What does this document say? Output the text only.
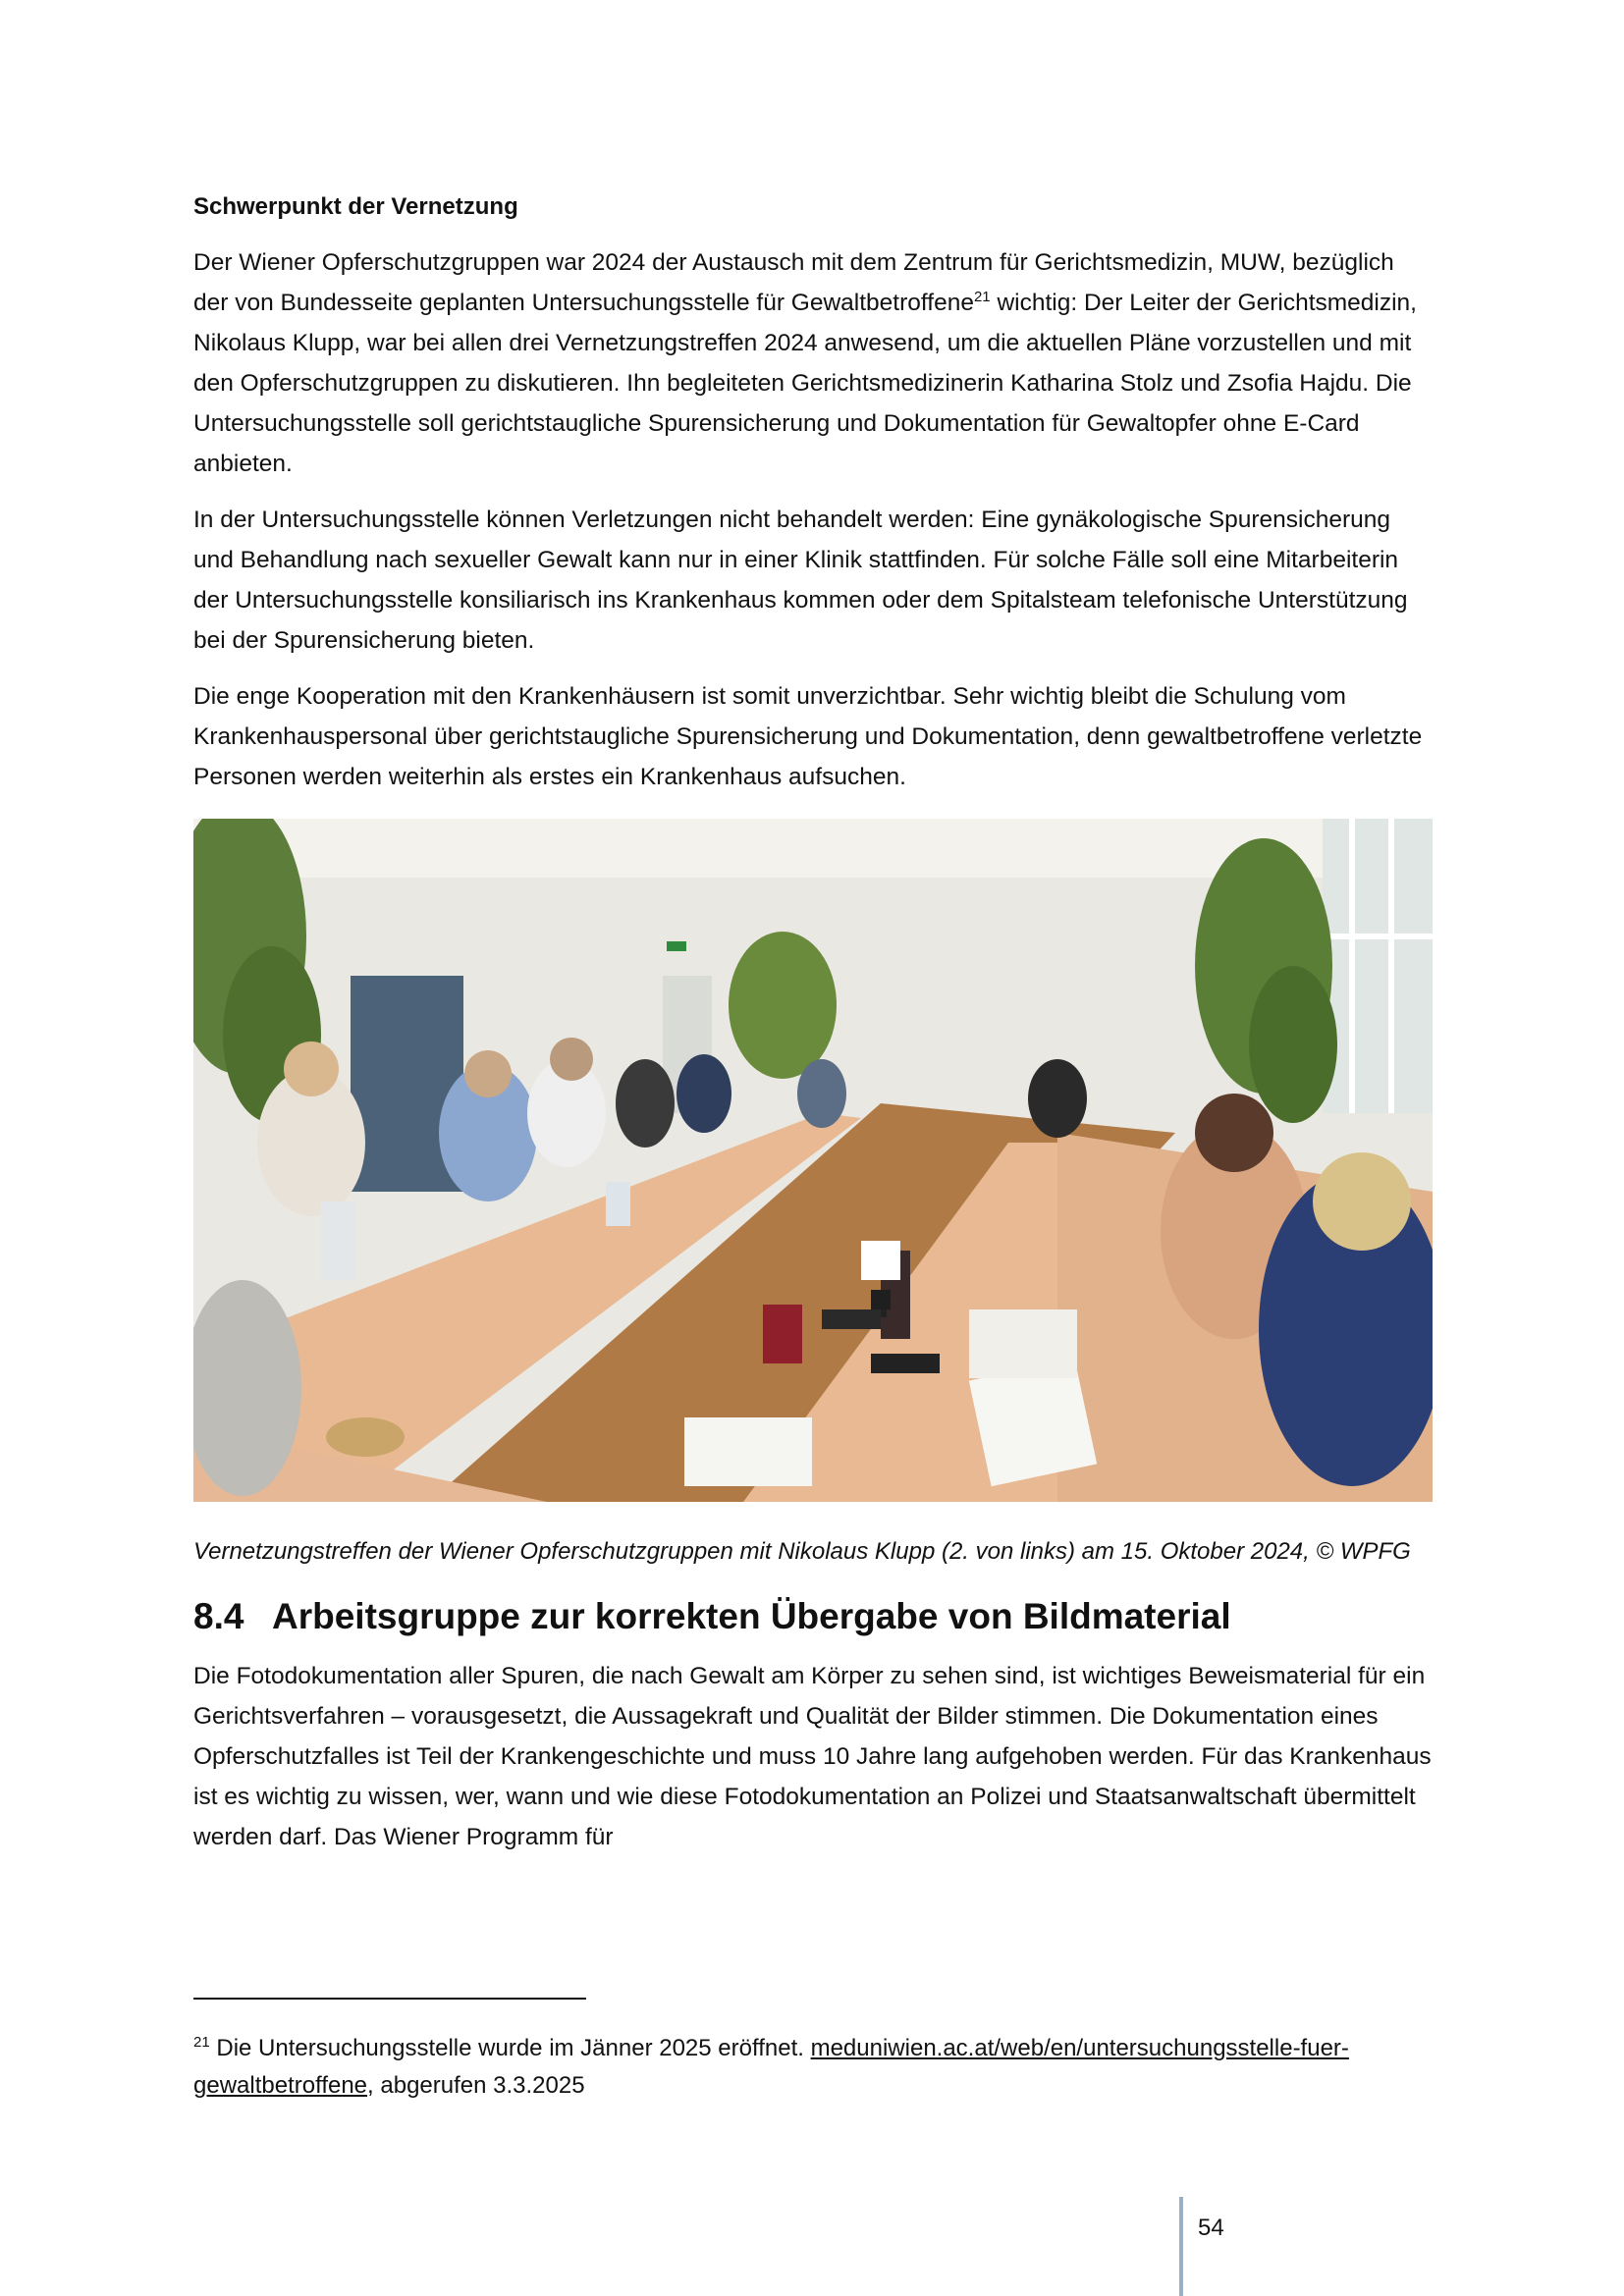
Schwerpunkt der Vernetzung

Der Wiener Opferschutzgruppen war 2024 der Austausch mit dem Zentrum für Gerichtsmedizin, MUW, bezüglich der von Bundesseite geplanten Untersuchungsstelle für Gewaltbetroffene$^{21}$ wichtig: Der Leiter der Gerichtsmedizin, Nikolaus Klupp, war bei allen drei Vernetzungstreffen 2024 anwesend, um die aktuellen Pläne vorzustellen und mit den Opferschutzgruppen zu diskutieren. Ihn begleiteten Gerichtsmedizinerin Katharina Stolz und Zsofia Hajdu. Die Untersuchungsstelle soll gerichtstaugliche Spurensicherung und Dokumentation für Gewaltopfer ohne E-Card anbieten.

In der Untersuchungsstelle können Verletzungen nicht behandelt werden: Eine gynäkologische Spurensicherung und Behandlung nach sexueller Gewalt kann nur in einer Klinik stattfinden. Für solche Fälle soll eine Mitarbeiterin der Untersuchungsstelle konsiliarisch ins Krankenhaus kommen oder dem Spitalsteam telefonische Unterstützung bei der Spurensicherung bieten.

Die enge Kooperation mit den Krankenhäusern ist somit unverzichtbar. Sehr wichtig bleibt die Schulung vom Krankenhauspersonal über gerichtstaugliche Spurensicherung und Dokumentation, denn gewaltbetroffene verletzte Personen werden weiterhin als erstes ein Krankenhaus aufsuchen.

Vernetzungstreffen der Wiener Opferschutzgruppen mit Nikolaus Klupp (2. von links) am 15. Oktober 2024, © WPFG

8.4 Arbeitsgruppe zur korrekten Übergabe von Bildmaterial

Die Fotodokumentation aller Spuren, die nach Gewalt am Körper zu sehen sind, ist wichtiges Beweismaterial für ein Gerichtsverfahren – vorausgesetzt, die Aussagekraft und Qualität der Bilder stimmen. Die Dokumentation eines Opferschutzfalles ist Teil der Krankengeschichte und muss 10 Jahre lang aufgehoben werden. Für das Krankenhaus ist es wichtig zu wissen, wer, wann und wie diese Fotodokumentation an Polizei und Staatsanwaltschaft übermittelt werden darf. Das Wiener Programm für

$^{21}$ Die Untersuchungsstelle wurde im Jänner 2025 eröffnet. meduniwien.ac.at/web/en/untersuchungsstelle-fuer-gewaltbetroffene, abgerufen 3.3.2025
54
